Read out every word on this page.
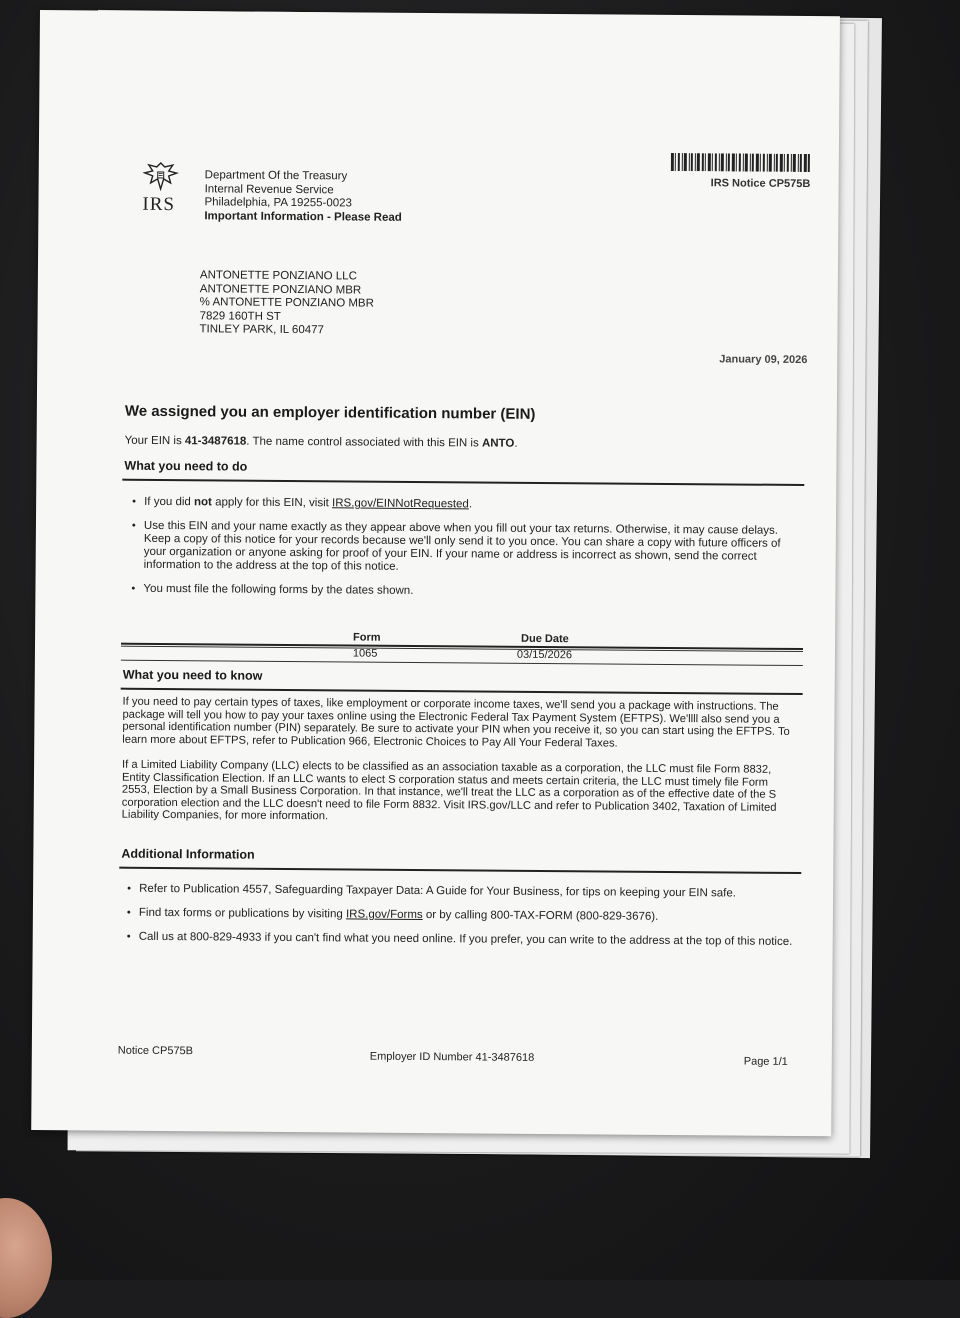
IRS
Department Of the Treasury
Internal Revenue Service
Philadelphia, PA 19255-0023
Important Information - Please Read
IRS Notice CP575B
ANTONETTE PONZIANO LLC
ANTONETTE PONZIANO MBR
% ANTONETTE PONZIANO MBR
7829 160TH ST
TINLEY PARK, IL 60477
January 09, 2026
We assigned you an employer identification number (EIN)
Your EIN is 41-3487618. The name control associated with this EIN is ANTO.
What you need to do
• If you did not apply for this EIN, visit IRS.gov/EINNotRequested.
• Use this EIN and your name exactly as they appear above when you fill out your tax returns. Otherwise, it may cause delays. Keep a copy of this notice for your records because we'll only send it to you once. You can share a copy with future officers of your organization or anyone asking for proof of your EIN. If your name or address is incorrect as shown, send the correct information to the address at the top of this notice.
• You must file the following forms by the dates shown.
Form	Due Date
1065	03/15/2026
What you need to know
If you need to pay certain types of taxes, like employment or corporate income taxes, we'll send you a package with instructions. The package will tell you how to pay your taxes online using the Electronic Federal Tax Payment System (EFTPS). We'llll also send you a personal identification number (PIN) separately. Be sure to activate your PIN when you receive it, so you can start using the EFTPS. To learn more about EFTPS, refer to Publication 966, Electronic Choices to Pay All Your Federal Taxes.
If a Limited Liability Company (LLC) elects to be classified as an association taxable as a corporation, the LLC must file Form 8832, Entity Classification Election. If an LLC wants to elect S corporation status and meets certain criteria, the LLC must timely file Form 2553, Election by a Small Business Corporation. In that instance, we'll treat the LLC as a corporation as of the effective date of the S corporation election and the LLC doesn't need to file Form 8832. Visit IRS.gov/LLC and refer to Publication 3402, Taxation of Limited Liability Companies, for more information.
Additional Information
• Refer to Publication 4557, Safeguarding Taxpayer Data: A Guide for Your Business, for tips on keeping your EIN safe.
• Find tax forms or publications by visiting IRS.gov/Forms or by calling 800-TAX-FORM (800-829-3676).
• Call us at 800-829-4933 if you can't find what you need online. If you prefer, you can write to the address at the top of this notice.
Notice CP575B	Employer ID Number 41-3487618	Page 1/1
